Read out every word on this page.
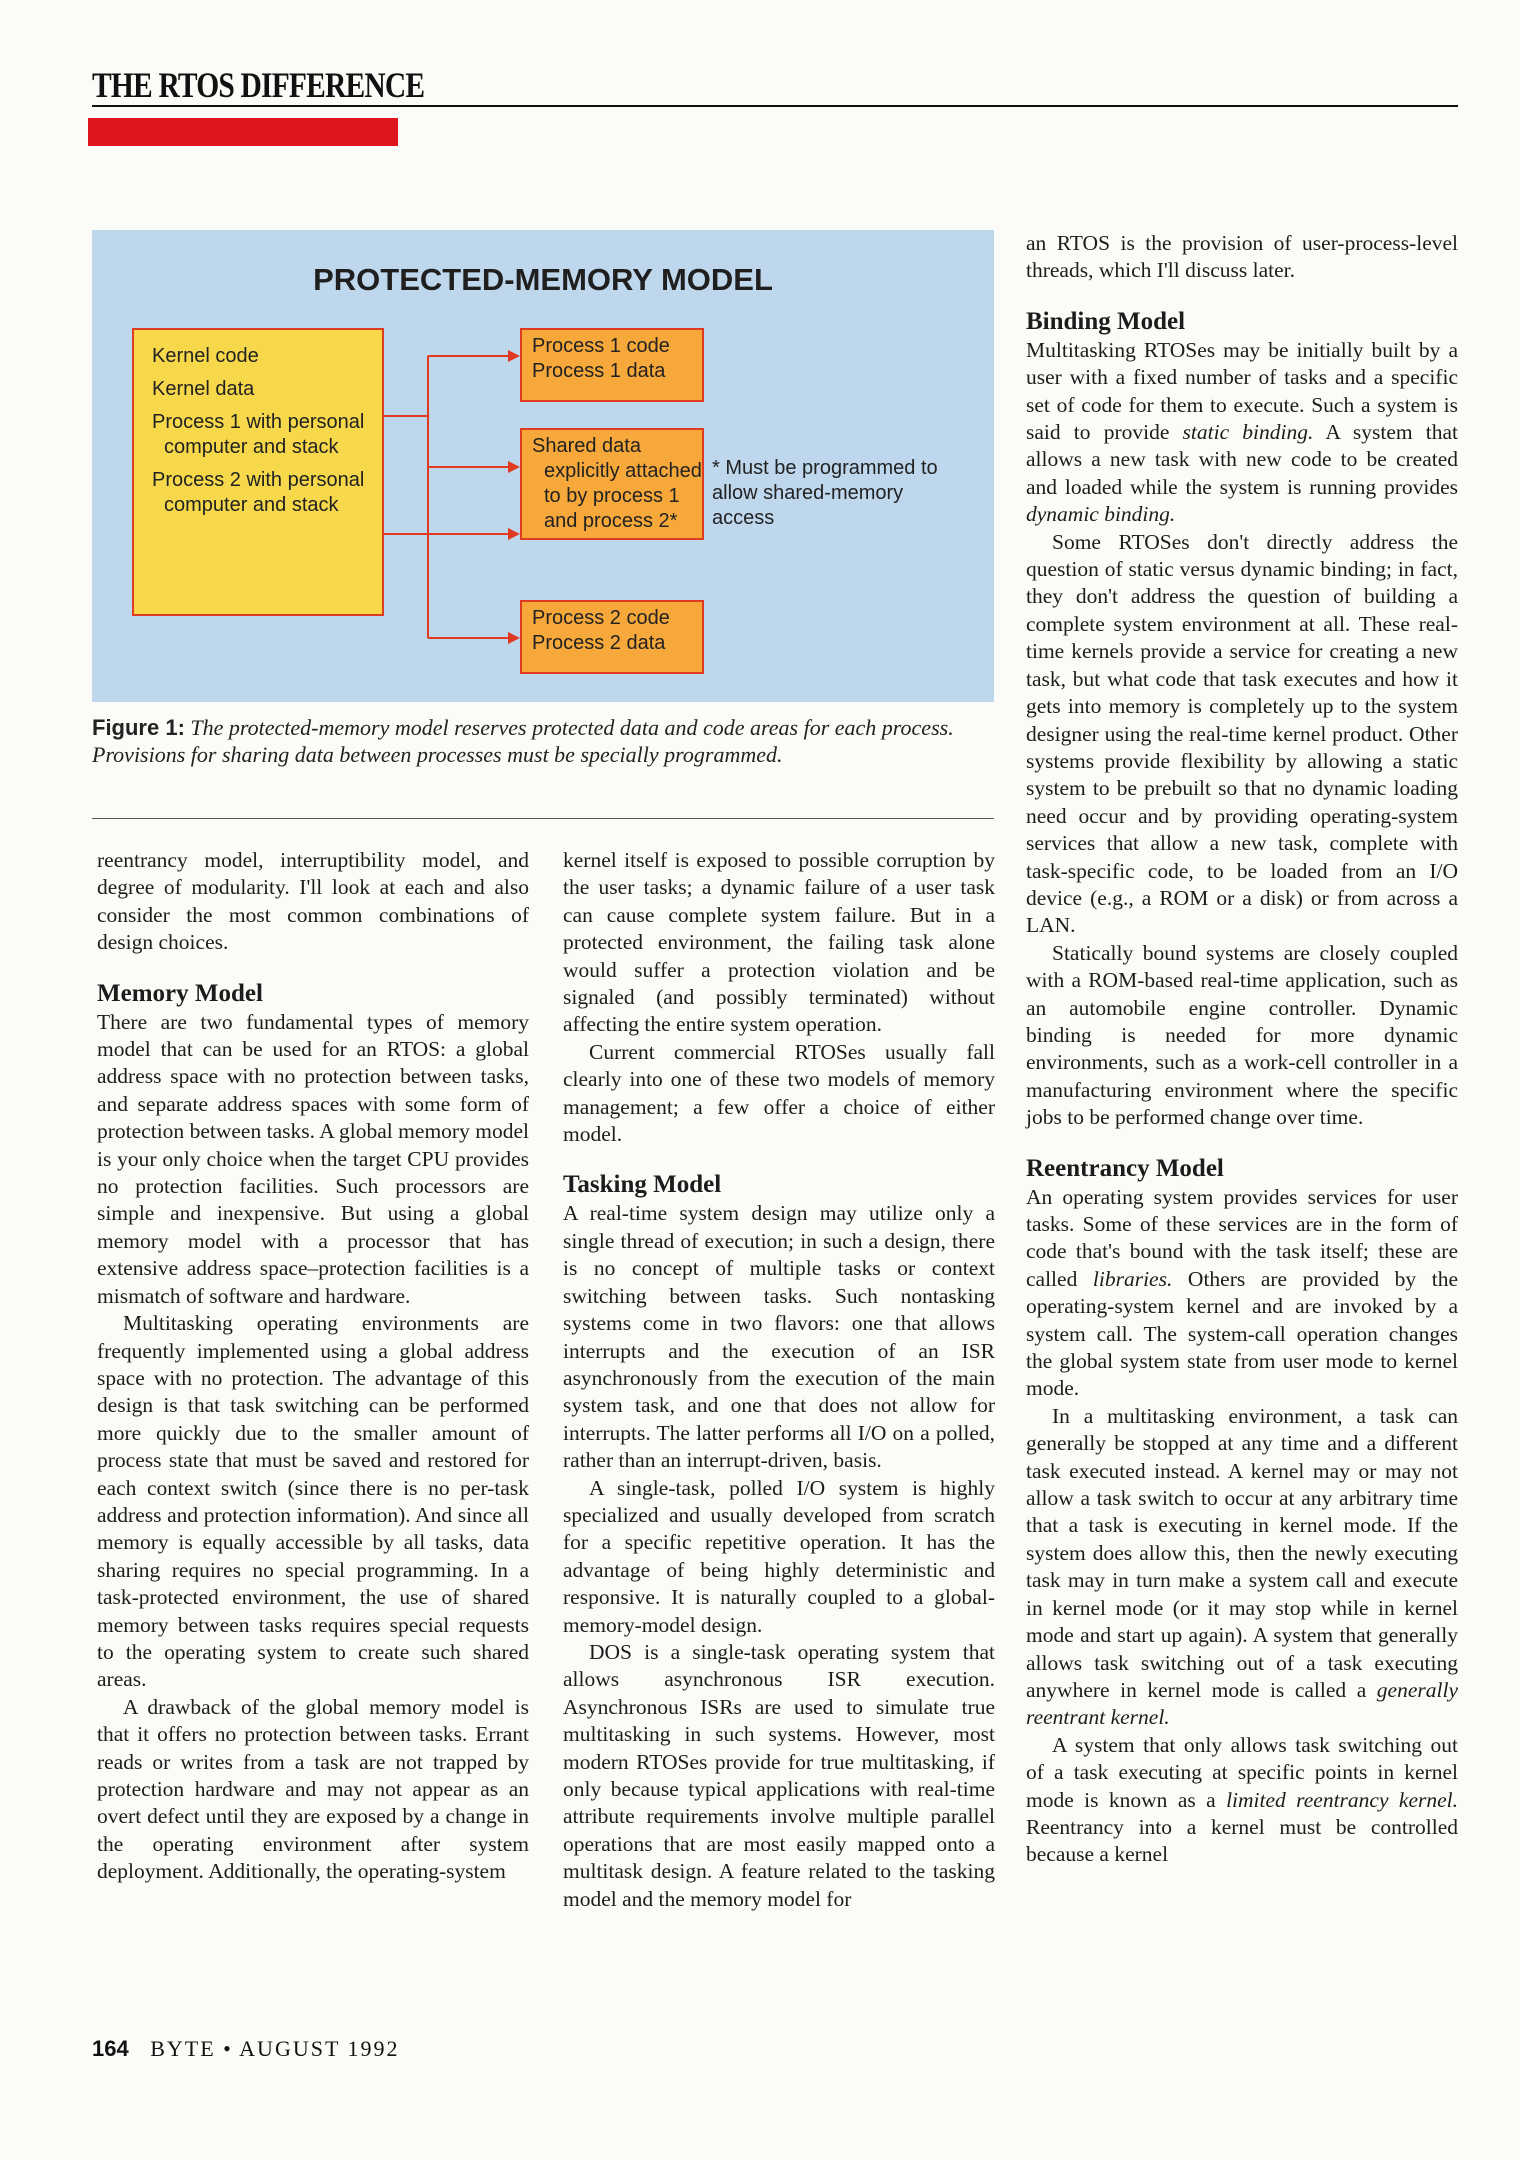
THE RTOS DIFFERENCE
PROTECTED-MEMORY MODEL
Kernel code
Kernel data
Process 1 with personal computer and stack
Process 2 with personal computer and stack
Process 1 code
Process 1 data
Shared data
explicitly attached to by process 1 and process 2*
Process 2 code
Process 2 data
* Must be programmed to allow shared-memory access
Figure 1: The protected-memory model reserves protected data and code areas for each process. Provisions for sharing data between processes must be specially programmed.

reentrancy model, interruptibility model, and degree of modularity. I'll look at each and also consider the most common combinations of design choices.

Memory Model

There are two fundamental types of memory model that can be used for an RTOS: a global address space with no protection between tasks, and separate address spaces with some form of protection between tasks. A global memory model is your only choice when the target CPU provides no protection facilities. Such processors are simple and inexpensive. But using a global memory model with a processor that has extensive address space–protection facilities is a mismatch of software and hardware.

Multitasking operating environments are frequently implemented using a global address space with no protection. The advantage of this design is that task switching can be performed more quickly due to the smaller amount of process state that must be saved and restored for each context switch (since there is no per-task address and protection information). And since all memory is equally accessible by all tasks, data sharing requires no special programming. In a task-protected environment, the use of shared memory between tasks requires special requests to the operating system to create such shared areas.

A drawback of the global memory model is that it offers no protection between tasks. Errant reads or writes from a task are not trapped by protection hardware and may not appear as an overt defect until they are exposed by a change in the operating environment after system deployment. Additionally, the operating-system

kernel itself is exposed to possible corruption by the user tasks; a dynamic failure of a user task can cause complete system failure. But in a protected environment, the failing task alone would suffer a protection violation and be signaled (and possibly terminated) without affecting the entire system operation.

Current commercial RTOSes usually fall clearly into one of these two models of memory management; a few offer a choice of either model.

Tasking Model

A real-time system design may utilize only a single thread of execution; in such a design, there is no concept of multiple tasks or context switching between tasks. Such nontasking systems come in two flavors: one that allows interrupts and the execution of an ISR asynchronously from the execution of the main system task, and one that does not allow for interrupts. The latter performs all I/O on a polled, rather than an interrupt-driven, basis.

A single-task, polled I/O system is highly specialized and usually developed from scratch for a specific repetitive operation. It has the advantage of being highly deterministic and responsive. It is naturally coupled to a global-memory-model design.

DOS is a single-task operating system that allows asynchronous ISR execution. Asynchronous ISRs are used to simulate true multitasking in such systems. However, most modern RTOSes provide for true multitasking, if only because typical applications with real-time attribute requirements involve multiple parallel operations that are most easily mapped onto a multitask design. A feature related to the tasking model and the memory model for

an RTOS is the provision of user-process-level threads, which I'll discuss later.

Binding Model

Multitasking RTOSes may be initially built by a user with a fixed number of tasks and a specific set of code for them to execute. Such a system is said to provide static binding. A system that allows a new task with new code to be created and loaded while the system is running provides dynamic binding.

Some RTOSes don't directly address the question of static versus dynamic binding; in fact, they don't address the question of building a complete system environment at all. These real-time kernels provide a service for creating a new task, but what code that task executes and how it gets into memory is completely up to the system designer using the real-time kernel product. Other systems provide flexibility by allowing a static system to be prebuilt so that no dynamic loading need occur and by providing operating-system services that allow a new task, complete with task-specific code, to be loaded from an I/O device (e.g., a ROM or a disk) or from across a LAN.

Statically bound systems are closely coupled with a ROM-based real-time application, such as an automobile engine controller. Dynamic binding is needed for more dynamic environments, such as a work-cell controller in a manufacturing environment where the specific jobs to be performed change over time.

Reentrancy Model

An operating system provides services for user tasks. Some of these services are in the form of code that's bound with the task itself; these are called libraries. Others are provided by the operating-system kernel and are invoked by a system call. The system-call operation changes the global system state from user mode to kernel mode.

In a multitasking environment, a task can generally be stopped at any time and a different task executed instead. A kernel may or may not allow a task switch to occur at any arbitrary time that a task is executing in kernel mode. If the system does allow this, then the newly executing task may in turn make a system call and execute in kernel mode (or it may stop while in kernel mode and start up again). A system that generally allows task switching out of a task executing anywhere in kernel mode is called a generally reentrant kernel.

A system that only allows task switching out of a task executing at specific points in kernel mode is known as a limited reentrancy kernel. Reentrancy into a kernel must be controlled because a kernel

164 BYTE • AUGUST 1992
